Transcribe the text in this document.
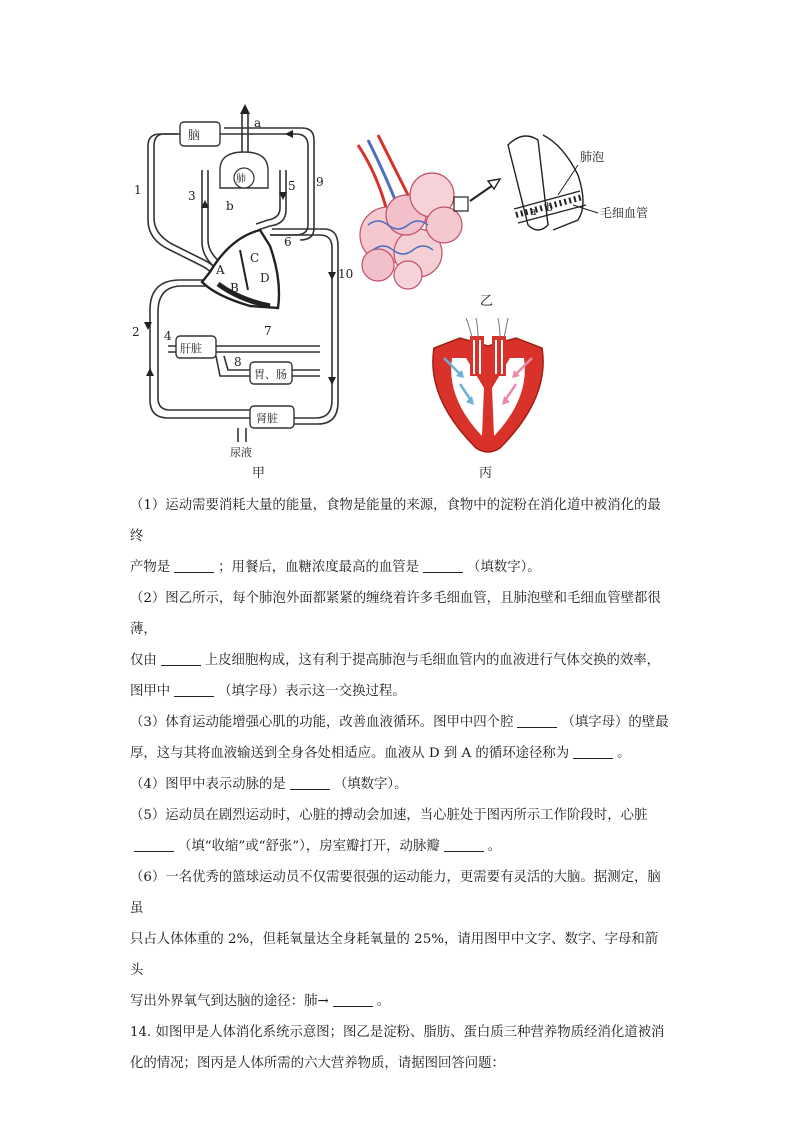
脑
肺
肝脏
胃、肠
肾脏
尿液
A
B
C
D
a
b
1
2
3
4
5
6
7
8
9
10
甲
肺泡
毛细血管
a b
乙
丙

（1）运动需要消耗大量的能量，食物是能量的来源，食物中的淀粉在消化道中被消化的最终
产物是	；用餐后，血糖浓度最高的血管是	（填数字）。

（2）图乙所示，每个肺泡外面都紧紧的缠绕着许多毛细血管，且肺泡壁和毛细血管壁都很薄，
仅由	上皮细胞构成，这有利于提高肺泡与毛细血管内的血液进行气体交换的效率，
图甲中	（填字母）表示这一交换过程。

（3）体育运动能增强心肌的功能，改善血液循环。图甲中四个腔	（填字母）的壁最
厚，这与其将血液输送到全身各处相适应。血液从 D 到 A 的循环途径称为	。

（4）图甲中表示动脉的是	（填数字）。

（5）运动员在剧烈运动时，心脏的搏动会加速，当心脏处于图丙所示工作阶段时，心脏
（填“收缩”或“舒张”），房室瓣打开，动脉瓣	。

（6）一名优秀的篮球运动员不仅需要很强的运动能力，更需要有灵活的大脑。据测定，脑虽
只占人体体重的 2%，但耗氧量达全身耗氧量的 25%，请用图甲中文字、数字、字母和箭头
写出外界氧气到达脑的途径：肺→	。

14. 如图甲是人体消化系统示意图；图乙是淀粉、脂肪、蛋白质三种营养物质经消化道被消
化的情况；图丙是人体所需的六大营养物质，请据图回答问题：
